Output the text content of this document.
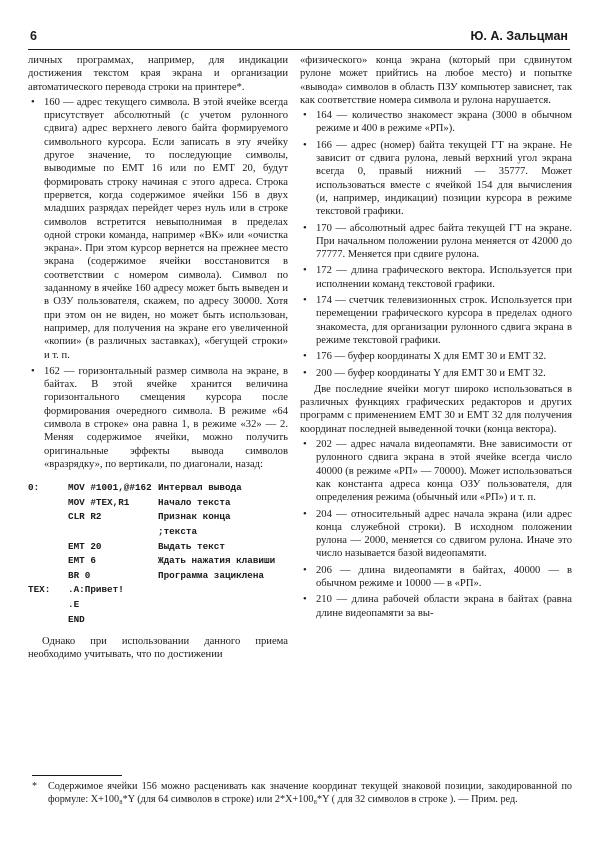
6	Ю. А. Зальцман

личных программах, например, для индикации достижения текстом края экрана и организации автоматического перевода строки на принтере*.

• 160 — адрес текущего символа. В этой ячейке всегда присутствует абсолютный (с учетом рулонного сдвига) адрес верхнего левого байта формируемого символьного курсора. Если записать в эту ячейку другое значение, то последующие символы, выводимые по EMT 16 или по EMT 20, будут формировать строку начиная с этого адреса. Строка прервется, когда содержимое ячейки 156 в двух младших разрядах перейдет через нуль или в строке символов встретится невыполнимая в пределах одной строки команда, например «ВК» или «очистка экрана». При этом курсор вернется на прежнее место экрана (содержимое ячейки восстановится в соответствии с номером символа). Символ по заданному в ячейке 160 адресу может быть выведен и в ОЗУ пользователя, скажем, по адресу 30000. Хотя при этом он не виден, но может быть использован, например, для получения на экране его увеличенной «копии» (в различных заставках), «бегущей строки» и т. п.
• 162 — горизонтальный размер символа на экране, в байтах. В этой ячейке хранится величина горизонтального смещения курсора после формирования очередного символа. В режиме «64 символа в строке» она равна 1, в режиме «32» — 2. Меняя содержимое ячейки, можно получить оригинальные эффекты вывода символов «вразрядку», по вертикали, по диагонали, назад:
0:	MOV #1001,@#162 Интервал вывода
MOV #TEX,R1	Начало текста
CLR R2	Признак конца
;текста
EMT 20	Выдать текст
EMT 6	Ждать нажатия клавиши
BR 0	Программа зациклена
TEX:	.A:Привет!
.E
END

Однако при использовании данного приема необходимо учитывать, что по достижении

«физического» конца экрана (который при сдвинутом рулоне может прийтись на любое место) и попытке «вывода» символов в область ПЗУ компьютер зависнет, так как соответствие номера символа и рулона нарушается.

• 164 — количество знакомест экрана (3000 в обычном режиме и 400 в режиме «РП»).
• 166 — адрес (номер) байта текущей ГТ на экране. Не зависит от сдвига рулона, левый верхний угол экрана всегда 0, правый нижний — 35777. Может использоваться вместе с ячейкой 154 для вычисления (и, например, индикации) позиции курсора в режиме текстовой графики.
• 170 — абсолютный адрес байта текущей ГТ на экране. При начальном положении рулона меняется от 42000 до 77777. Меняется при сдвиге рулона.
• 172 — длина графического вектора. Используется при исполнении команд текстовой графики.
• 174 — счетчик телевизионных строк. Используется при перемещении графического курсора в пределах одного знакоместа, для организации рулонного сдвига экрана в режиме текстовой графики.
• 176 — буфер координаты X для EMT 30 и EMT 32.
• 200 — буфер координаты Y для EMT 30 и EMT 32.

Две последние ячейки могут широко использоваться в различных функциях графических редакторов и других программ с применением EMT 30 и EMT 32 для получения координат последней выведенной точки (конца вектора).

• 202 — адрес начала видеопамяти. Вне зависимости от рулонного сдвига экрана в этой ячейке всегда число 40000 (в режиме «РП» — 70000). Может использоваться как константа адреса конца ОЗУ пользователя, для определения режима (обычный или «РП») и т. п.
• 204 — относительный адрес начала экрана (или адрес конца служебной строки). В исходном положении рулона — 2000, меняется со сдвигом рулона. Иначе это число называется базой видеопамяти.
• 206 — длина видеопамяти в байтах, 40000 — в обычном режиме и 10000 — в «РП».
• 210 — длина рабочей области экрана в байтах (равна длине видеопамяти за вы-
*	Содержимое ячейки 156 можно расценивать как значение координат текущей знаковой позиции, закодированной по формуле: X+100₈*Y (для 64 символов в строке) или 2*X+100₈*Y ( для 32 символов в строке ). — Прим. ред.
